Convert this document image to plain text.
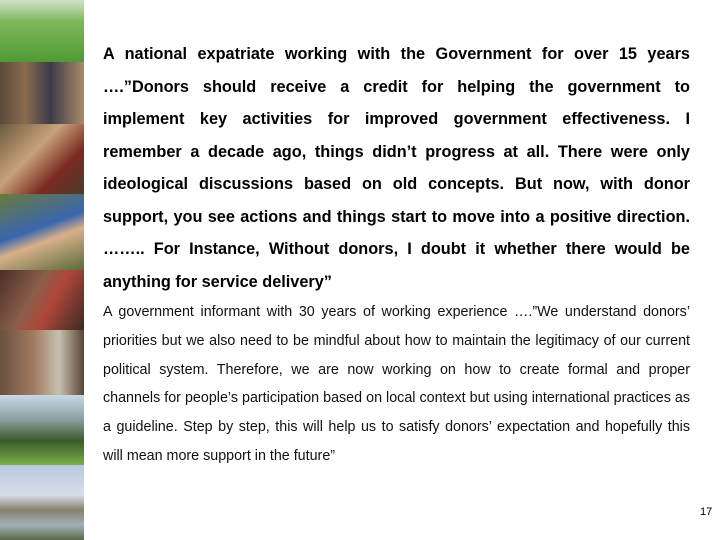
A national expatriate working with the Government for over 15 years ….”Donors should receive a credit for helping the government to implement key activities for improved government effectiveness. I remember a decade ago, things didn’t progress at all. There were only ideological discussions based on old concepts. But now, with donor support, you see actions and things start to move into a positive direction. …….. For Instance, Without donors, I doubt it whether there would be anything for service delivery”

A government informant with 30 years of working experience ….”We understand donors’ priorities but we also need to be mindful about how to maintain the legitimacy of our current political system. Therefore, we are now working on how to create formal and proper channels for people’s participation based on local context but using international practices as a guideline. Step by step, this will help us to satisfy donors’ expectation and hopefully this will mean more support in the future”

17
